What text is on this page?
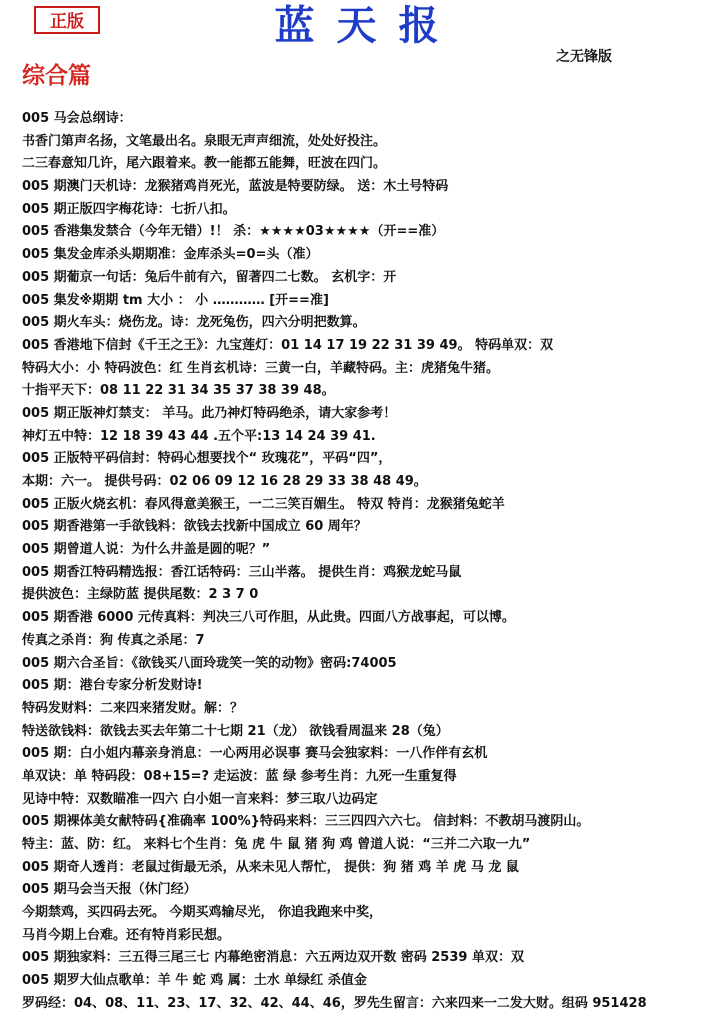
正版	蓝天报
之无锋版
综合篇
005 马会总纲诗：
书香门第声名扬，文笔最出名。泉眼无声声细流，处处好投注。
二三春意知几许，尾六跟着来。教一能都五能舞，旺波在四门。
005 期澳门天机诗：龙猴猪鸡肖死光，蓝波是特要防绿。 送：木土号特码
005 期正版四字梅花诗：七折八扣。
005 香港集发禁合（今年无错）!！ 杀：★★★★03★★★★（开==准）
005 集发金库杀头期期准：金库杀头=0=头（准）
005 期葡京一句话：兔后牛前有六，留著四二七数。 玄机字：开
005 集发※期期 tm 大小 ： 小 ………… [开==准]
005 期火车头：烧伤龙。诗：龙死兔伤，四六分明把数算。
005 香港地下信封《千王之王》：九宝莲灯：01 14 17 19 22 31 39 49。 特码单双：双
特码大小：小 特码波色：红 生肖玄机诗：三黄一白，羊藏特码。主：虎猪兔牛猪。
十指平天下：08 11 22 31 34 35 37 38 39 48。
005 期正版神灯禁支： 羊马。此乃神灯特码绝杀，请大家参考！
神灯五中特：12 18 39 43 44 .五个平:13 14 24 39 41.
005 正版特平码信封：特码心想要找个“ 玫瑰花”，平码“四”，
本期：六一。 提供号码：02 06 09 12 16 28 29 33 38 48 49。
005 正版火烧玄机：春风得意美猴王，一二三笑百媚生。 特双 特肖：龙猴猪兔蛇羊
005 期香港第一手欲钱料：欲钱去找新中国成立 60 周年？
005 期曾道人说：为什么井盖是圆的呢？”
005 期香江特码精选报：香江话特码：三山半落。 提供生肖：鸡猴龙蛇马鼠
提供波色：主绿防蓝 提供尾数：2 3 7 0
005 期香港 6000 元传真料：判决三八可作胆，从此贵。四面八方战事起，可以博。
传真之杀肖：狗 传真之杀尾：7
005 期六合圣旨：《欲钱买八面玲珑笑一笑的动物》密码:74005
005 期：港台专家分析发财诗!
特码发财料：二来四来猪发财。解：？
特送欲钱料：欲钱去买去年第二十七期 21（龙） 欲钱看周温来 28（兔）
005 期：白小姐内幕亲身消息：一心两用必误事 赛马会独家料：一八作伴有玄机
单双诀：单 特码段：08+15=? 走运波：蓝 绿 参考生肖：九死一生重复得
见诗中特：双数瞄准一四六 白小姐一言来料：梦三取八边码定
005 期裸体美女献特码{准确率 100%}特码来料：三三四四六六七。 信封料：不教胡马渡阴山。
特主：蓝、防：红。 来料七个生肖：兔 虎 牛 鼠 猪 狗 鸡 曾道人说：“三并二六取一九”
005 期奇人透肖：老鼠过街最无杀，从来未见人帮忙， 提供：狗 猪 鸡 羊 虎 马 龙 鼠
005 期马会当天报（休门经）
今期禁鸡，买四码去死。 今期买鸡输尽光， 你追我跑来中奖，
马肖今期上台难。还有特肖彩民想。
005 期独家料：三五得三尾三七 内幕绝密消息：六五两边双开数 密码 2539 单双：双
005 期罗大仙点歌单：羊 牛 蛇 鸡 属：土水 单绿红 杀值金
罗码经：04、08、11、23、17、32、42、44、46，罗先生留言：六来四来一二发大财。组码 951428
